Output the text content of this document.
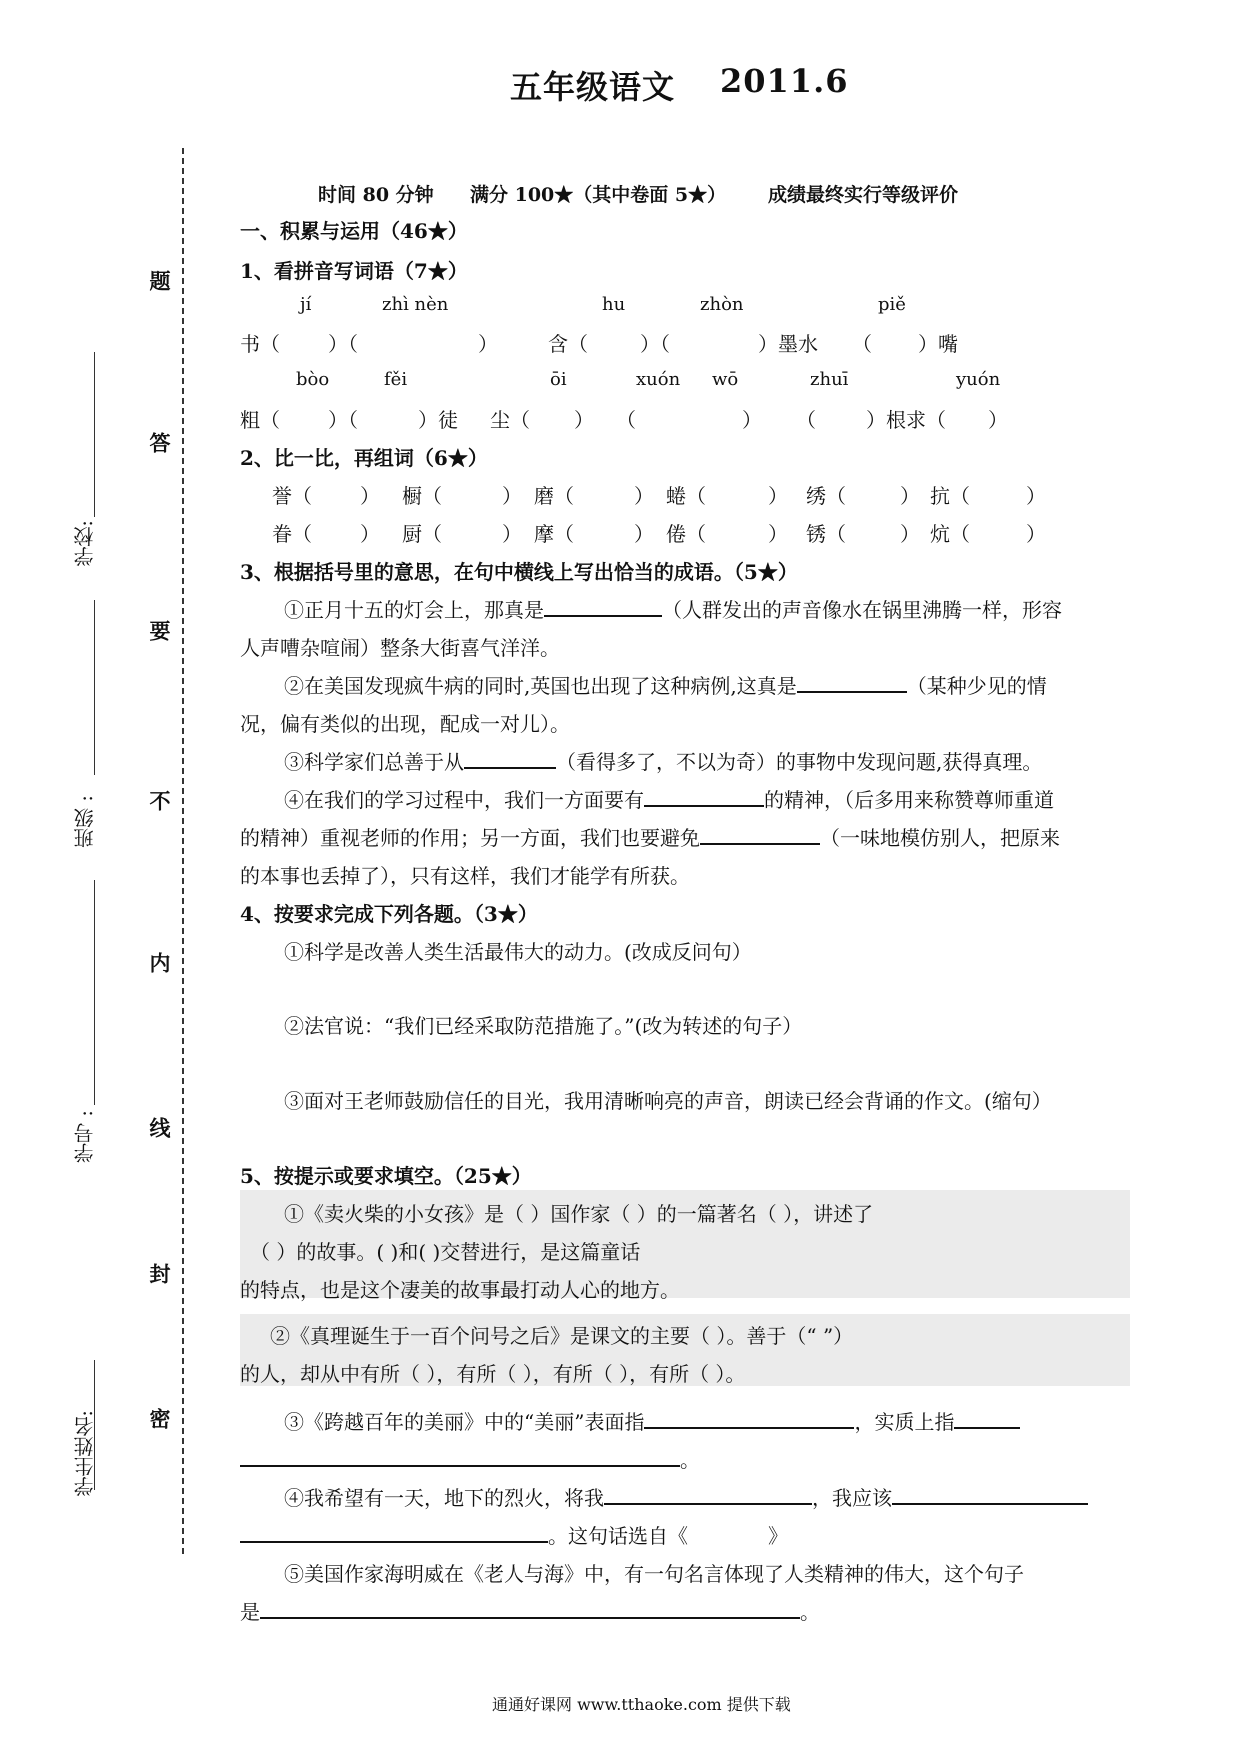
五年级语文 2011.6
学校:
班级 :
学号 :
学生姓名:
题
答
要
不
内
线
封
密
时间 80 分钟 满分 100★（其中卷面 5★） 成绩最终实行等级评价
一、积累与运用（46★）
1、看拼音写词语（7★）
jí	zhì nèn	hu	zhòn	piě
书（ ）（	）	含（	）（	）墨水 （ ）嘴
bòo	fěi	ōi	xuón wō	zhuī	yuón
粗（ ）（	）徒 尘（ ） （	） （	）根求（ ）
2、比一比，再组词（6★）
誉（ ） 橱（	） 磨（	） 蜷（	） 绣（	） 抗（	）
眷（ ） 厨（	） 摩（	） 倦（	） 锈（	） 炕（	）
3、根据括号里的意思，在句中横线上写出恰当的成语。（5★）
①正月十五的灯会上，那真是	（人群发出的声音像水在锅里沸腾一样，形容
人声嘈杂喧闹）整条大街喜气洋洋。
②在美国发现疯牛病的同时,英国也出现了这种病例,这真是	（某种少见的情
况，偏有类似的出现，配成一对儿）。
③科学家们总善于从	（看得多了，不以为奇）的事物中发现问题,获得真理。
④在我们的学习过程中，我们一方面要有	的精神，（后多用来称赞尊师重道
的精神）重视老师的作用；另一方面，我们也要避免	（一味地模仿别人，把原来
的本事也丢掉了），只有这样，我们才能学有所获。
4、按要求完成下列各题。（3★）
①科学是改善人类生活最伟大的动力。(改成反问句）
②法官说：“我们已经采取防范措施了。”(改为转述的句子）
③面对王老师鼓励信任的目光，我用清晰响亮的声音，朗读已经会背诵的作文。(缩句）
5、按提示或要求填空。（25★）
①《卖火柴的小女孩》是（ ）国作家（ ）的一篇著名（ ），讲述了
（ ）的故事。( )和( )交替进行，是这篇童话
的特点，也是这个凄美的故事最打动人心的地方。
②《真理诞生于一百个问号之后》是课文的主要（ ）。善于（“ ”）
的人，却从中有所（ ），有所（ ），有所（ ），有所（ ）。
③《跨越百年的美丽》中的“美丽”表面指	，实质上指
。
④我希望有一天，地下的烈火，将我	，我应该
。这句话选自《	》
⑤美国作家海明威在《老人与海》中，有一句名言体现了人类精神的伟大，这个句子
是	。
通通好课网 www.tthaoke.com 提供下载
